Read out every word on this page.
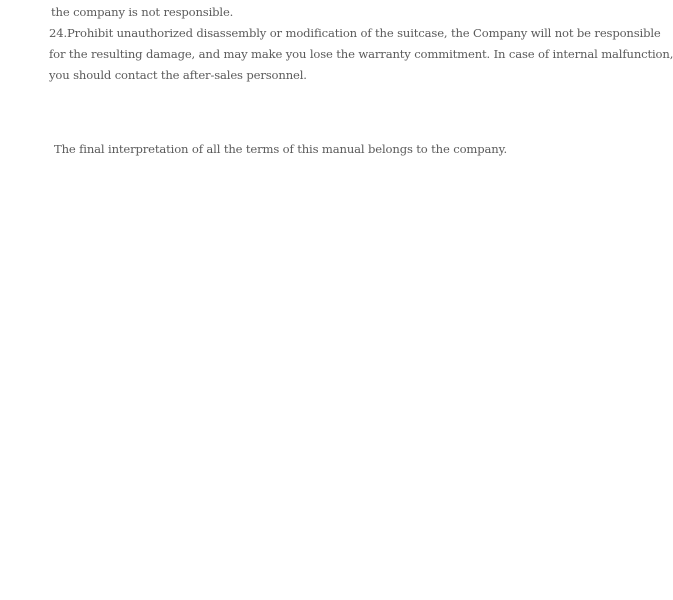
the company is not responsible.
24.Prohibit unauthorized disassembly or modification of the suitcase, the Company will not be responsible
for the resulting damage, and may make you lose the warranty commitment. In case of internal malfunction,
you should contact the after-sales personnel.
The final interpretation of all the terms of this manual belongs to the company.
